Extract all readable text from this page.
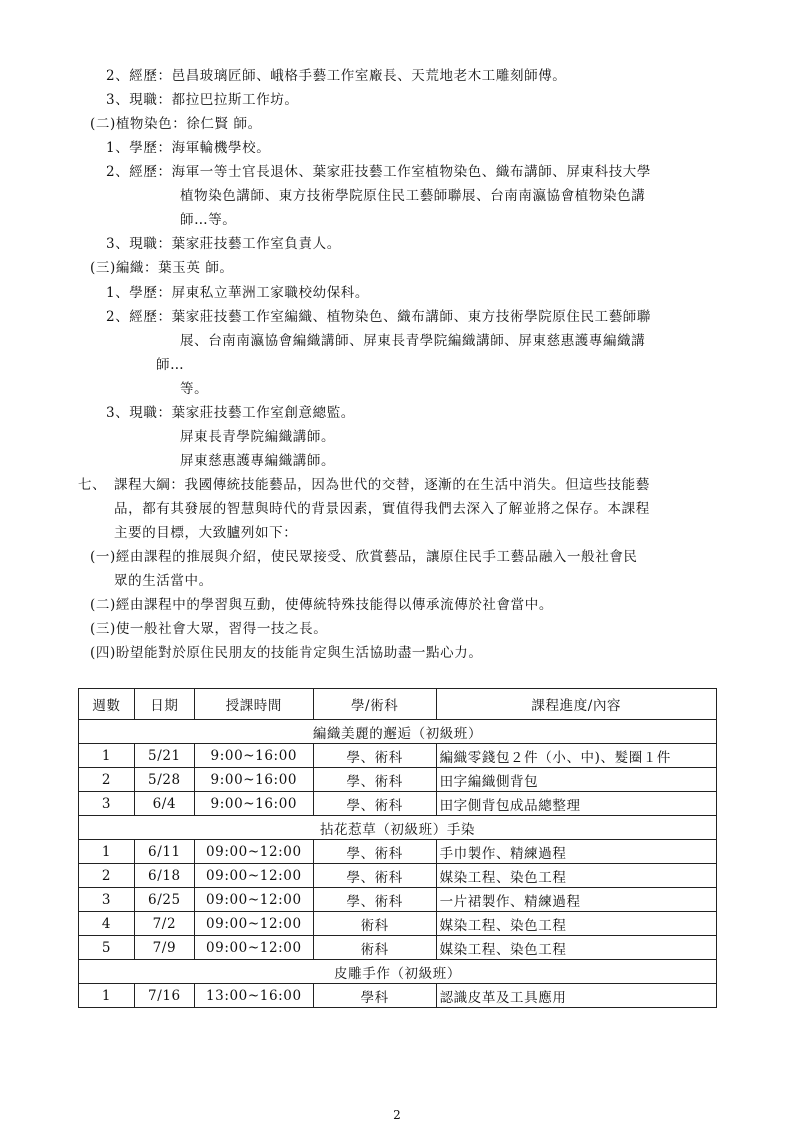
2、經歷：邑昌玻璃匠師、峨格手藝工作室廠長、天荒地老木工雕刻師傅。
3、現職：都拉巴拉斯工作坊。
(二)植物染色：徐仁賢 師。
1、學歷：海軍輪機學校。
2、經歷：海軍一等士官長退休、葉家莊技藝工作室植物染色、織布講師、屏東科技大學
植物染色講師、東方技術學院原住民工藝師聯展、台南南瀛協會植物染色講
師…等。
3、現職：葉家莊技藝工作室負責人。
(三)編織：葉玉英 師。
1、學歷：屏東私立華洲工家職校幼保科。
2、經歷：葉家莊技藝工作室編織、植物染色、織布講師、東方技術學院原住民工藝師聯
展、台南南瀛協會編織講師、屏東長青學院編織講師、屏東慈惠護專編織講
師…
等。
3、現職：葉家莊技藝工作室創意總監。
屏東長青學院編織講師。
屏東慈惠護專編織講師。
七、 課程大綱：我國傳統技能藝品，因為世代的交替，逐漸的在生活中消失。但這些技能藝
品，都有其發展的智慧與時代的背景因素，實值得我們去深入了解並將之保存。本課程
主要的目標，大致臚列如下：
(一)經由課程的推展與介紹，使民眾接受、欣賞藝品，讓原住民手工藝品融入一般社會民
眾的生活當中。
(二)經由課程中的學習與互動，使傳統特殊技能得以傳承流傳於社會當中。
(三)使一般社會大眾，習得一技之長。
(四)盼望能對於原住民朋友的技能肯定與生活協助盡一點心力。
週數	日期	授課時間	學/術科	課程進度/內容
編織美麗的邂逅（初級班）				
1	5/21	9:00~16:00	學、術科	編織零錢包２件（小、中)、髮圈１件
2	5/28	9:00~16:00	學、術科	田字編織側背包
3	6/4	9:00~16:00	學、術科	田字側背包成品總整理
拈花惹草（初級班）手染				
1	6/11	09:00~12:00	學、術科	手巾製作、精練過程
2	6/18	09:00~12:00	學、術科	媒染工程、染色工程
3	6/25	09:00~12:00	學、術科	一片裙製作、精練過程
4	7/2	09:00~12:00	術科	媒染工程、染色工程
5	7/9	09:00~12:00	術科	媒染工程、染色工程
皮雕手作（初級班）				
1	7/16	13:00~16:00	學科	認識皮革及工具應用
2
